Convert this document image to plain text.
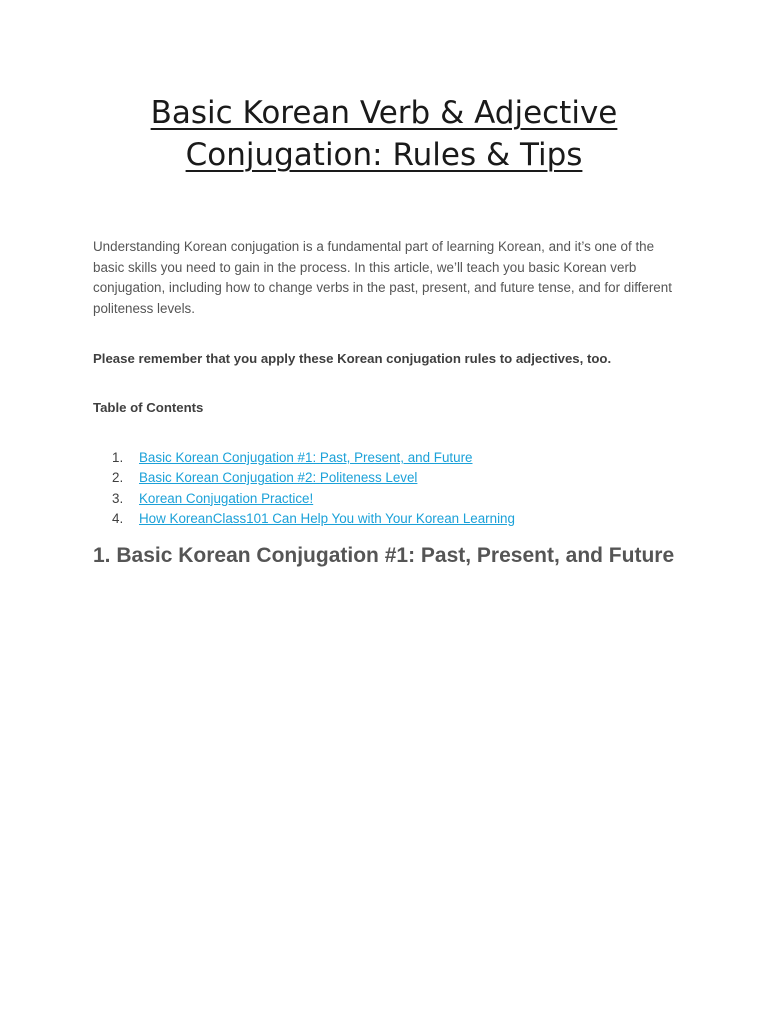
Basic Korean Verb & Adjective
Conjugation: Rules & Tips

Understanding Korean conjugation is a fundamental part of learning Korean, and it’s one of the basic skills you need to gain in the process. In this article, we’ll teach you basic Korean verb conjugation, including how to change verbs in the past, present, and future tense, and for different politeness levels.

Please remember that you apply these Korean conjugation rules to adjectives, too.

Table of Contents

1.	Basic Korean Conjugation #1: Past, Present, and Future
2.	Basic Korean Conjugation #2: Politeness Level
3.	Korean Conjugation Practice!
4.	How KoreanClass101 Can Help You with Your Korean Learning
1. Basic Korean Conjugation #1: Past, Present, and Future
